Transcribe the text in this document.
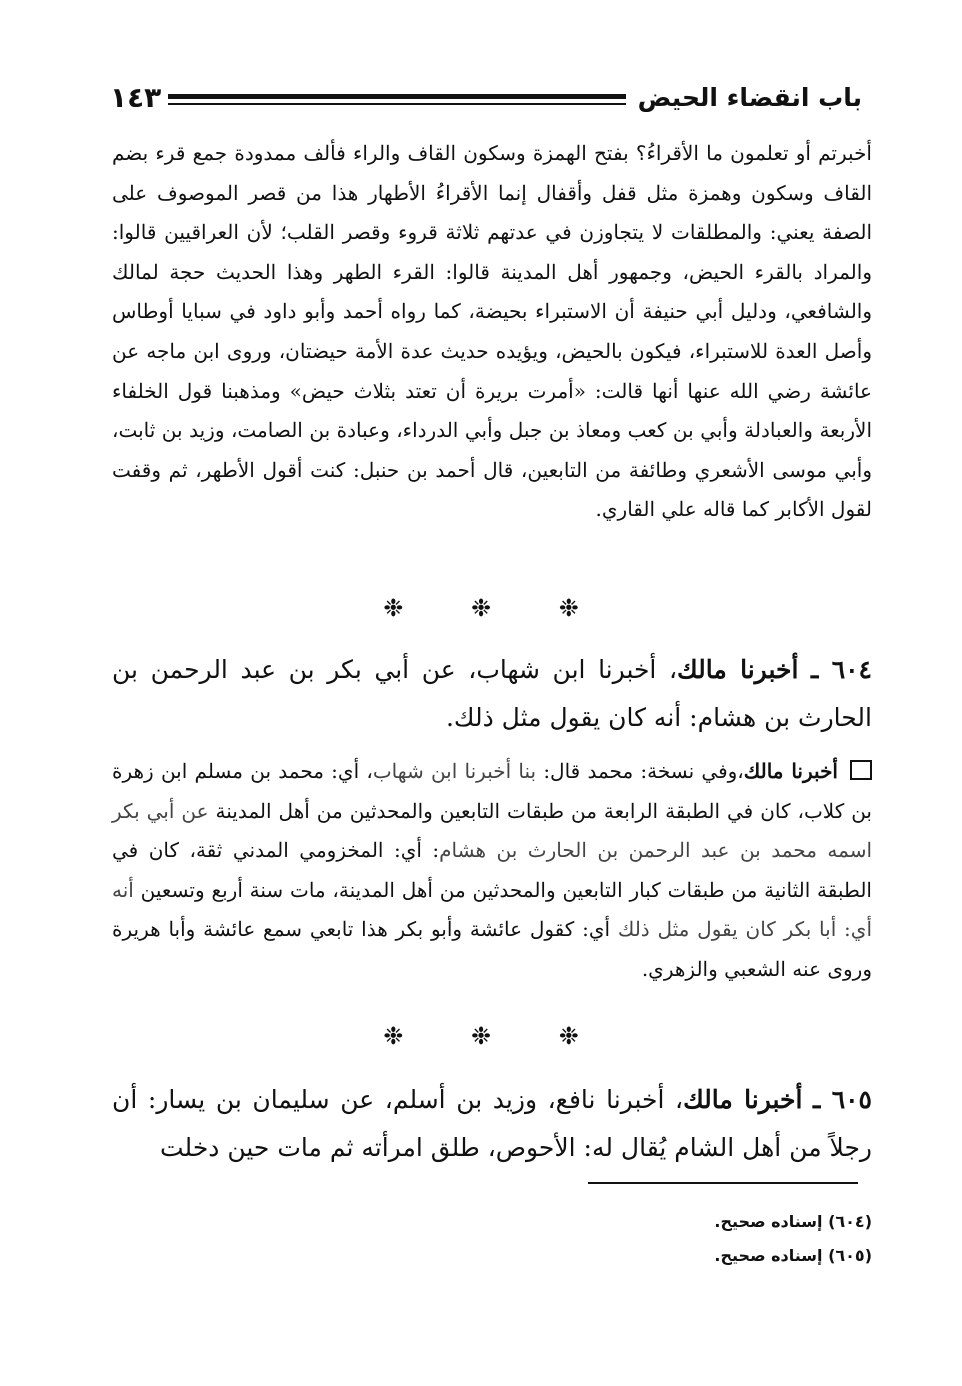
باب انقضاء الحيض
١٤٣

أخبرتم أو تعلمون ما الأقراءُ؟ بفتح الهمزة وسكون القاف والراء فألف ممدودة جمع قرء بضم القاف وسكون وهمزة مثل قفل وأقفال إنما الأقراءُ الأطهار هذا من قصر الموصوف على الصفة يعني: والمطلقات لا يتجاوزن في عدتهم ثلاثة قروء وقصر القلب؛ لأن العراقيين قالوا: والمراد بالقرء الحيض، وجمهور أهل المدينة قالوا: القرء الطهر وهذا الحديث حجة لمالك والشافعي، ودليل أبي حنيفة أن الاستبراء بحيضة، كما رواه أحمد وأبو داود في سبايا أوطاس وأصل العدة للاستبراء، فيكون بالحيض، ويؤيده حديث عدة الأمة حيضتان، وروى ابن ماجه عن عائشة رضي الله عنها أنها قالت: «أمرت بريرة أن تعتد بثلاث حيض» ومذهبنا قول الخلفاء الأربعة والعبادلة وأبي بن كعب ومعاذ بن جبل وأبي الدرداء، وعبادة بن الصامت، وزيد بن ثابت، وأبي موسى الأشعري وطائفة من التابعين، قال أحمد بن حنبل: كنت أقول الأطهر، ثم وقفت لقول الأكابر كما قاله علي القاري.

❉	❉	❉

٦٠٤ ـ أخبرنا مالك، أخبرنا ابن شهاب، عن أبي بكر بن عبد الرحمن بن الحارث بن هشام: أنه كان يقول مثل ذلك.

أخبرنا مالك،وفي نسخة: محمد قال: بنا أخبرنا ابن شهاب، أي: محمد بن مسلم ابن زهرة بن كلاب، كان في الطبقة الرابعة من طبقات التابعين والمحدثين من أهل المدينة عن أبي بكر اسمه محمد بن عبد الرحمن بن الحارث بن هشام: أي: المخزومي المدني ثقة، كان في الطبقة الثانية من طبقات كبار التابعين والمحدثين من أهل المدينة، مات سنة أربع وتسعين أنه أي: أبا بكر كان يقول مثل ذلك أي: كقول عائشة وأبو بكر هذا تابعي سمع عائشة وأبا هريرة وروى عنه الشعبي والزهري.

❉	❉	❉

٦٠٥ ـ أخبرنا مالك، أخبرنا نافع، وزيد بن أسلم، عن سليمان بن يسار: أن رجلاً من أهل الشام يُقال له: الأحوص، طلق امرأته ثم مات حين دخلت

(٦٠٤) إسناده صحيح.
(٦٠٥) إسناده صحيح.
